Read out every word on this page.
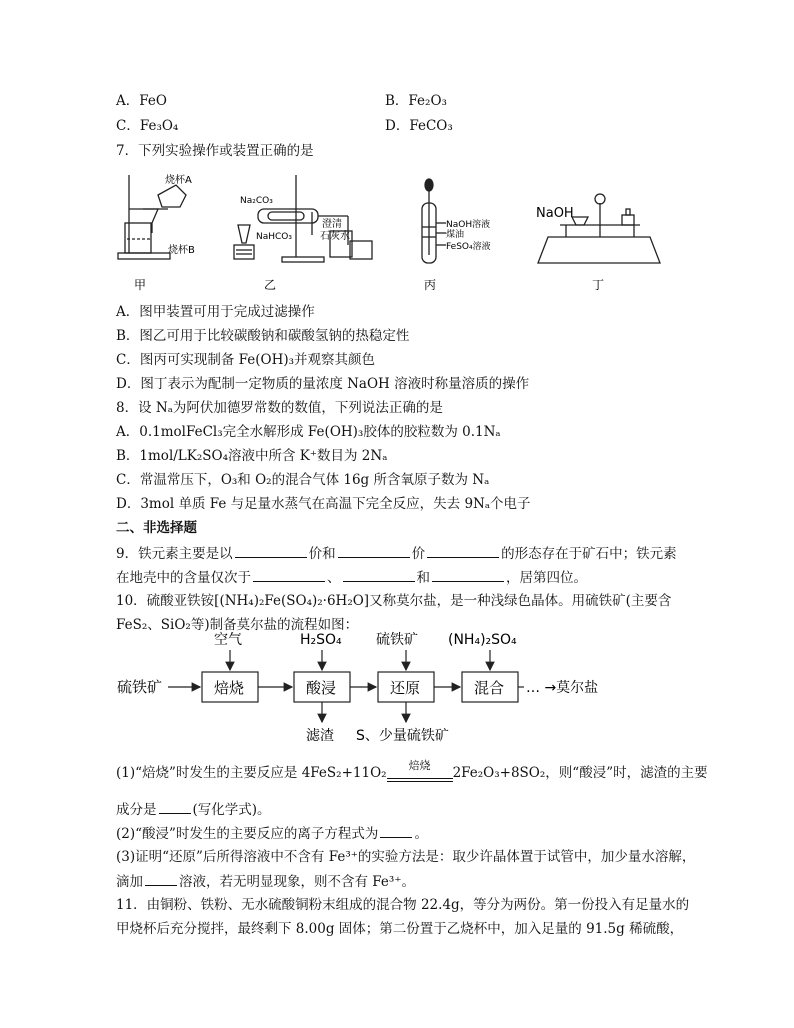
A．FeO	B．Fe₂O₃
C．Fe₃O₄	D．FeCO₃
7．下列实验操作或装置正确的是
烧杯A
烧杯B
甲
Na₂CO₃
NaHCO₃
澄清
石灰水
乙
NaOH溶液
煤油
FeSO₄溶液
丙
NaOH
丁
A．图甲装置可用于完成过滤操作
B．图乙可用于比较碳酸钠和碳酸氢钠的热稳定性
C．图丙可实现制备 Fe(OH)₃并观察其颜色
D．图丁表示为配制一定物质的量浓度 NaOH 溶液时称量溶质的操作
8．设 Nₐ为阿伏加德罗常数的数值，下列说法正确的是
A．0.1molFeCl₃完全水解形成 Fe(OH)₃胶体的胶粒数为 0.1Nₐ
B．1mol/LK₂SO₄溶液中所含 K⁺数目为 2Nₐ
C．常温常压下，O₃和 O₂的混合气体 16g 所含氧原子数为 Nₐ
D．3mol 单质 Fe 与足量水蒸气在高温下完全反应，失去 9Nₐ个电子
二、非选择题
9．铁元素主要是以	价和	价	的形态存在于矿石中；铁元素
在地壳中的含量仅次于	、	和	，居第四位。
10．硫酸亚铁铵[(NH₄)₂Fe(SO₄)₂·6H₂O]又称莫尔盐，是一种浅绿色晶体。用硫铁矿(主要含
FeS₂、SiO₂等)制备莫尔盐的流程如图：
硫铁矿	焙烧	酸浸	还原	混合 … →莫尔盐
空气	H₂SO₄ 硫铁矿 (NH₄)₂SO₄
滤渣 S、少量硫铁矿
(1)“焙烧”时发生的主要反应是 4FeS₂+11O₂	焙烧	2Fe₂O₃+8SO₂，则“酸浸”时，滤渣的主要
成分是	(写化学式)。
(2)“酸浸”时发生的主要反应的离子方程式为	。
(3)证明“还原”后所得溶液中不含有 Fe³⁺的实验方法是：取少许晶体置于试管中，加少量水溶解，
滴加	溶液，若无明显现象，则不含有 Fe³⁺。
11．由铜粉、铁粉、无水硫酸铜粉末组成的混合物 22.4g，等分为两份。第一份投入有足量水的
甲烧杯后充分搅拌，最终剩下 8.00g 固体；第二份置于乙烧杯中，加入足量的 91.5g 稀硫酸，
